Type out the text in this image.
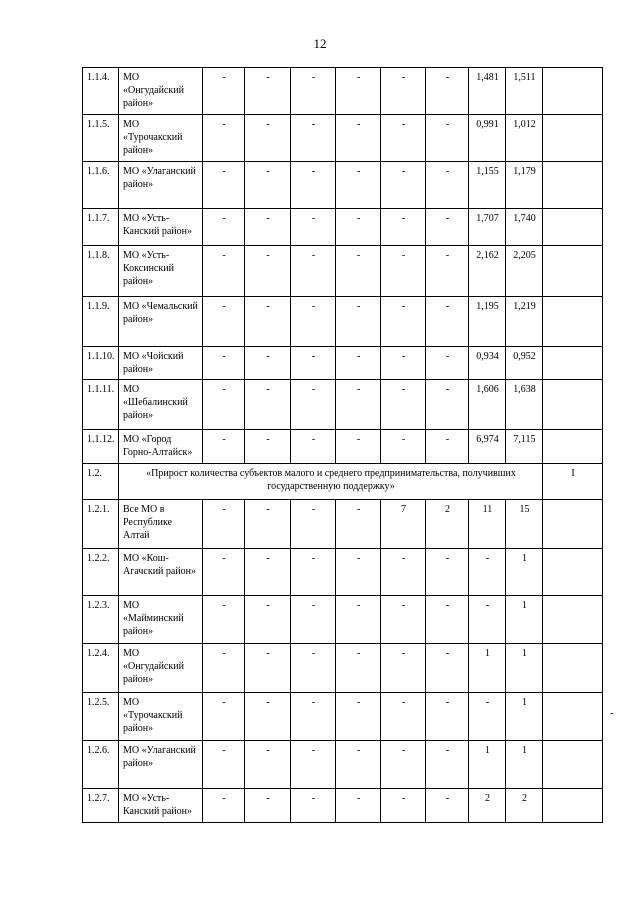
12
1.1.4.	МО «Онгудайский район»	-	-	-	-	-	-	1,481	1,511	
1.1.5.	МО «Турочакский район»	-	-	-	-	-	-	0,991	1,012	
1.1.6.	МО «Улаганский район»	-	-	-	-	-	-	1,155	1,179	
1.1.7.	МО «Усть-Канский район»	-	-	-	-	-	-	1,707	1,740	
1.1.8.	МО «Усть-Коксинский район»	-	-	-	-	-	-	2,162	2,205	
1.1.9.	МО «Чемальский район»	-	-	-	-	-	-	1,195	1,219	
1.1.10.	МО «Чойский район»	-	-	-	-	-	-	0,934	0,952	
1.1.11.	МО «Шебалинский район»	-	-	-	-	-	-	1,606	1,638	
1.1.12.	МО «Город Горно-Алтайск»	-	-	-	-	-	-	6,974	7,115	
1.2.	«Прирост количества субъектов малого и среднего предпринимательства, получивших государственную поддержку»									I
1.2.1.	Все МО в Республике Алтай	-	-	-	-	7	2	11	15	
1.2.2.	МО «Кош-Агачский район»	-	-	-	-	-	-	-	1	
1.2.3.	МО «Майминский район»	-	-	-	-	-	-	-	1	
1.2.4.	МО «Онгудайский район»	-	-	-	-	-	-	1	1	
1.2.5.	МО «Турочакский район»	-	-	-	-	-	-	-	1	
1.2.6.	МО «Улаганский район»	-	-	-	-	-	-	1	1	
1.2.7.	МО «Усть-Канский район»	-	-	-	-	-	-	2	2	
-
